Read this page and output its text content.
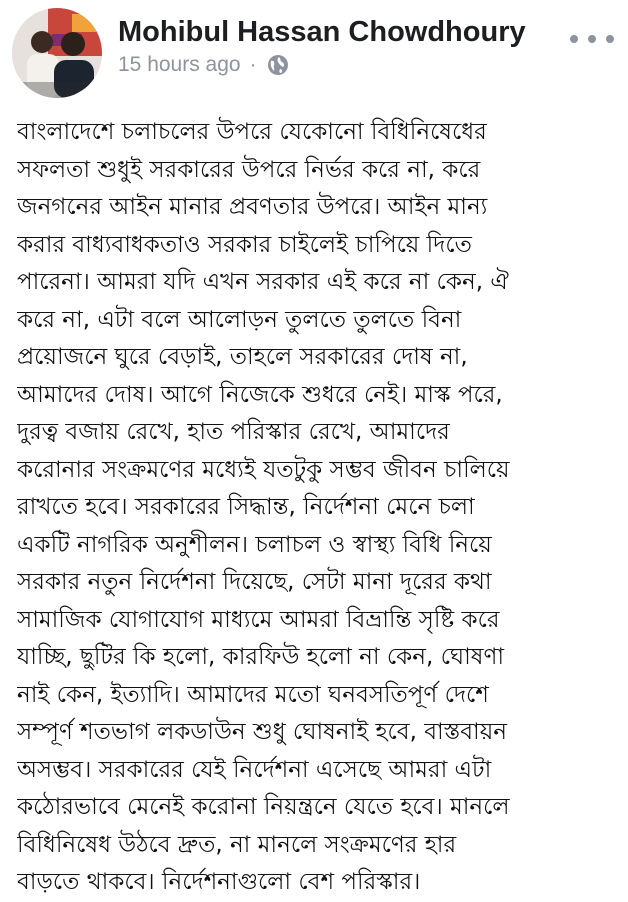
Mohibul Hassan Chowdhoury
15 hours ago ·
বাংলাদেশে চলাচলের উপরে যেকোনো বিধিনিষেধের
সফলতা শুধুই সরকারের উপরে নির্ভর করে না, করে
জনগনের আইন মানার প্রবণতার উপরে। আইন মান্য
করার বাধ্যবাধকতাও সরকার চাইলেই চাপিয়ে দিতে
পারেনা। আমরা যদি এখন সরকার এই করে না কেন, ঐ
করে না, এটা বলে আলোড়ন তুলতে তুলতে বিনা
প্রয়োজনে ঘুরে বেড়াই, তাহলে সরকারের দোষ না,
আমাদের দোষ। আগে নিজেকে শুধরে নেই। মাস্ক পরে,
দুরত্ব বজায় রেখে, হাত পরিস্কার রেখে, আমাদের
করোনার সংক্রমণের মধ্যেই যতটুকু সম্ভব জীবন চালিয়ে
রাখতে হবে। সরকারের সিদ্ধান্ত, নির্দেশনা মেনে চলা
একটি নাগরিক অনুশীলন। চলাচল ও স্বাস্থ্য বিধি নিয়ে
সরকার নতুন নির্দেশনা দিয়েছে, সেটা মানা দূরের কথা
সামাজিক যোগাযোগ মাধ্যমে আমরা বিভ্রান্তি সৃষ্টি করে
যাচ্ছি, ছুটির কি হলো, কারফিউ হলো না কেন, ঘোষণা
নাই কেন, ইত্যাদি। আমাদের মতো ঘনবসতিপূর্ণ দেশে
সম্পূর্ণ শতভাগ লকডাউন শুধু ঘোষনাই হবে, বাস্তবায়ন
অসম্ভব। সরকারের যেই নির্দেশনা এসেছে আমরা এটা
কঠোরভাবে মেনেই করোনা নিয়ন্ত্রনে যেতে হবে। মানলে
বিধিনিষেধ উঠবে দ্রুত, না মানলে সংক্রমণের হার
বাড়তে থাকবে। নির্দেশনাগুলো বেশ পরিস্কার।
